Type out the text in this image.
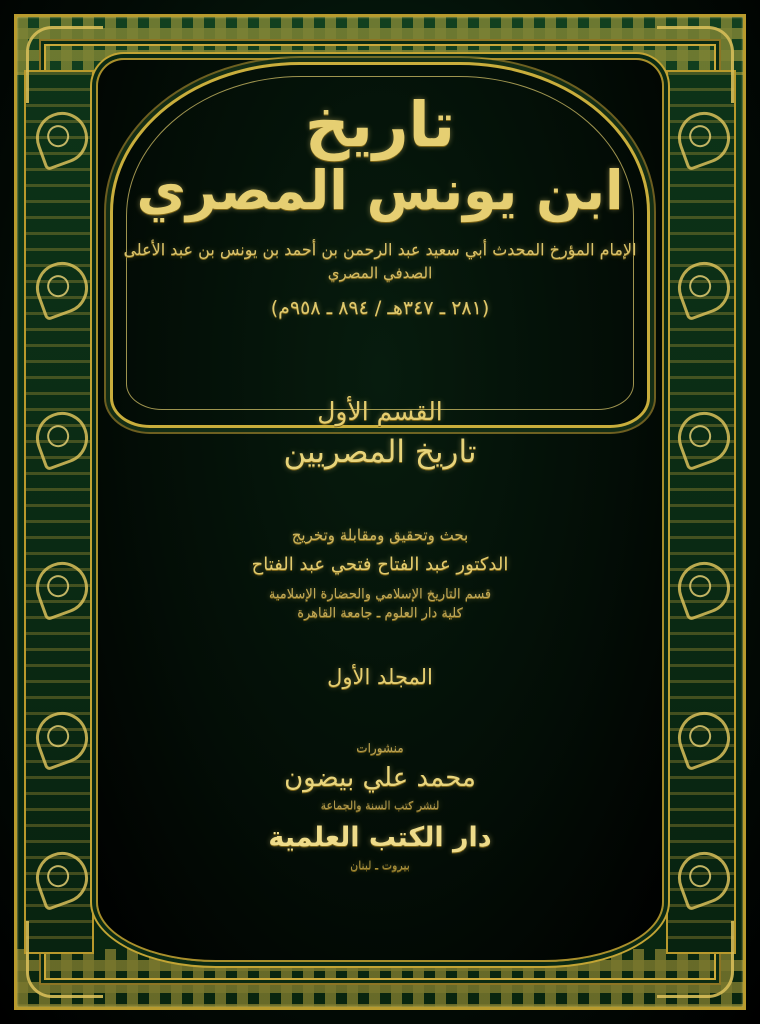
تاريخ
ابن يونس المصري
الإمام المؤرخ المحدث أبي سعيد عبد الرحمن بن أحمد بن يونس بن عبد الأعلى
الصدفي المصري
(٢٨١ ـ ٣٤٧هـ / ٨٩٤ ـ ٩٥٨م)
القسم الأول
تاريخ المصريين
بحث وتحقيق ومقابلة وتخريج
الدكتور عبد الفتاح فتحي عبد الفتاح
قسم التاريخ الإسلامي والحضارة الإسلامية
كلية دار العلوم ـ جامعة القاهرة
المجلد الأول
منشورات
محمد علي بيضون
لنشر كتب السنة والجماعة
دار الكتب العلمية
بيروت ـ لبنان
